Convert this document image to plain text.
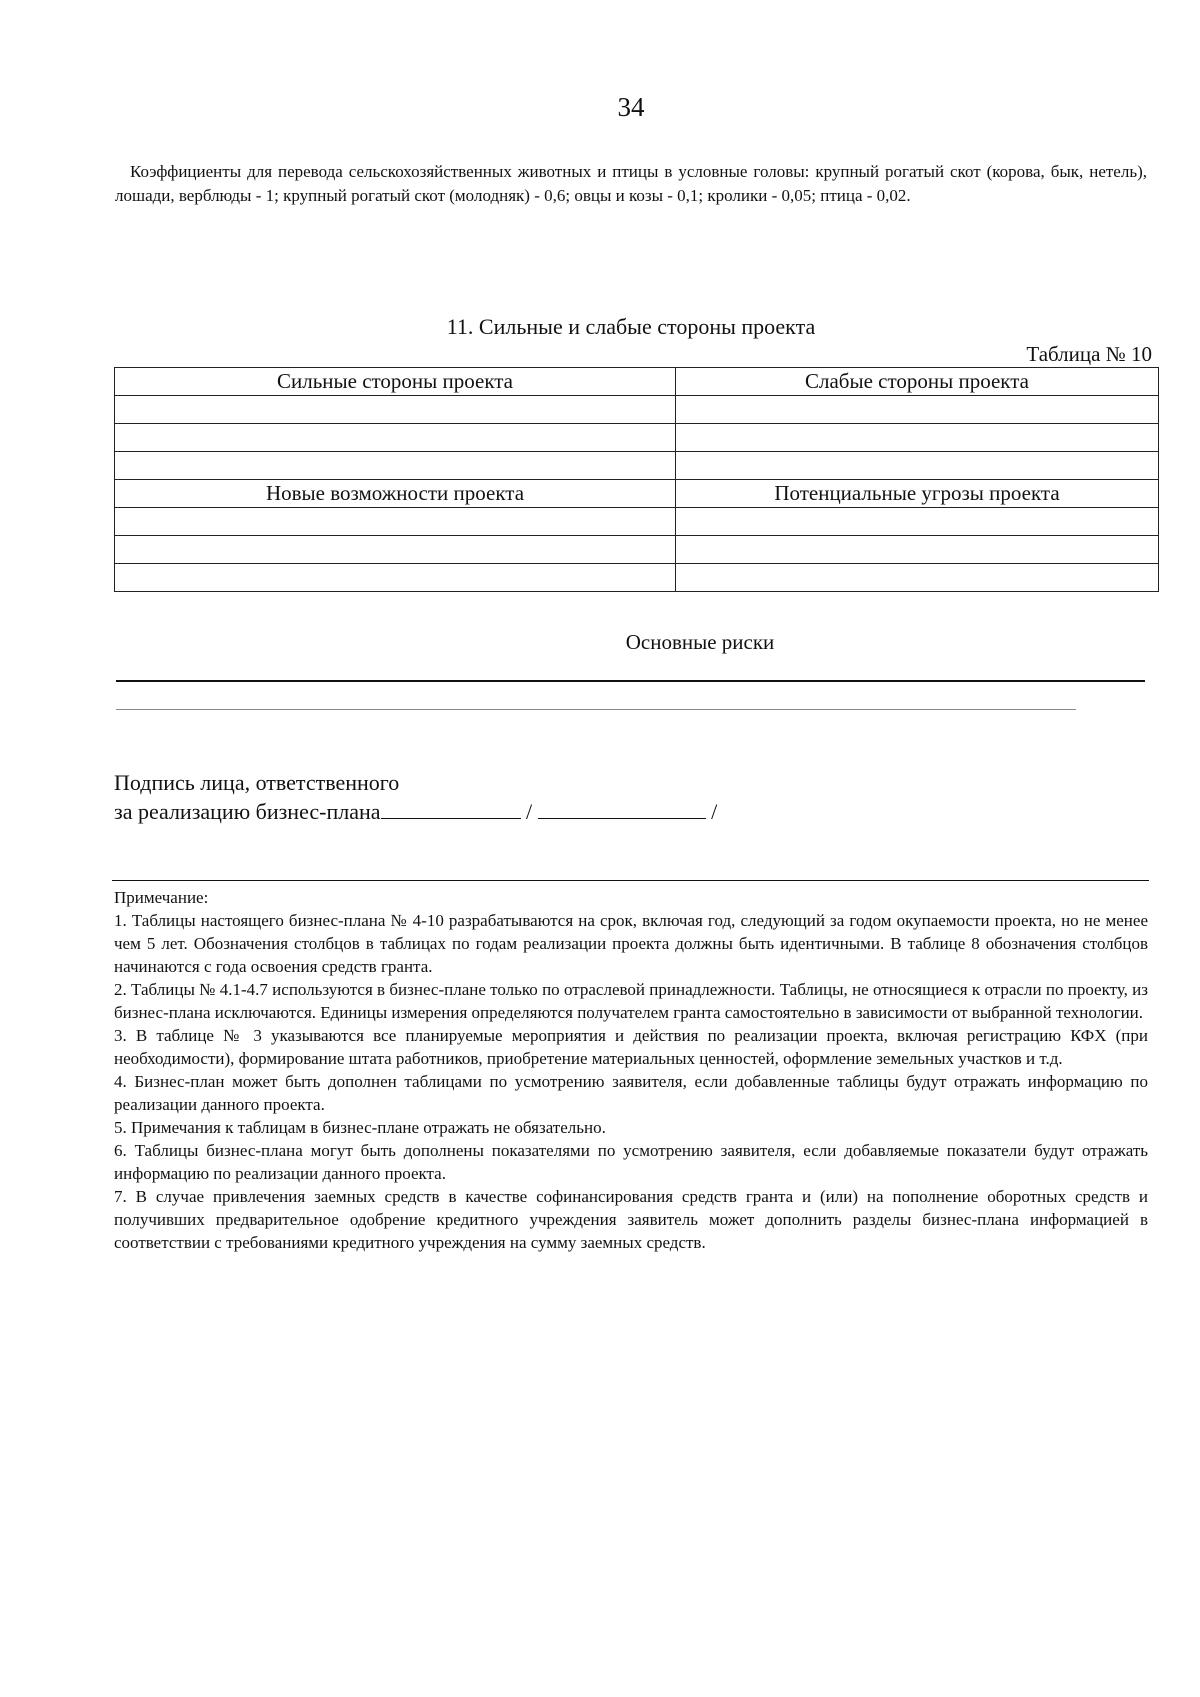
34
Коэффициенты для перевода сельскохозяйственных животных и птицы в условные головы: крупный рогатый скот (корова, бык, нетель), лошади, верблюды - 1; крупный рогатый скот (молодняк) - 0,6; овцы и козы - 0,1; кролики - 0,05; птица - 0,02.
11. Сильные и слабые стороны проекта
Таблица № 10
Сильные стороны проекта	Слабые стороны проекта

Новые возможности проекта	Потенциальные угрозы проекта

Основные риски
Подпись лица, ответственного
за реализацию бизнес-плана	/	/

Примечание:

1. Таблицы настоящего бизнес-плана № 4-10 разрабатываются на срок, включая год, следующий за годом окупаемости проекта, но не менее чем 5 лет. Обозначения столбцов в таблицах по годам реализации проекта должны быть идентичными. В таблице 8 обозначения столбцов начинаются с года освоения средств гранта.

2. Таблицы № 4.1-4.7 используются в бизнес-плане только по отраслевой принадлежности. Таблицы, не относящиеся к отрасли по проекту, из бизнес-плана исключаются. Единицы измерения определяются получателем гранта самостоятельно в зависимости от выбранной технологии.

3. В таблице № 3 указываются все планируемые мероприятия и действия по реализации проекта, включая регистрацию КФХ (при необходимости), формирование штата работников, приобретение материальных ценностей, оформление земельных участков и т.д.

4. Бизнес-план может быть дополнен таблицами по усмотрению заявителя, если добавленные таблицы будут отражать информацию по реализации данного проекта.

5. Примечания к таблицам в бизнес-плане отражать не обязательно.

6. Таблицы бизнес-плана могут быть дополнены показателями по усмотрению заявителя, если добавляемые показатели будут отражать информацию по реализации данного проекта.

7. В случае привлечения заемных средств в качестве софинансирования средств гранта и (или) на пополнение оборотных средств и получивших предварительное одобрение кредитного учреждения заявитель может дополнить разделы бизнес-плана информацией в соответствии с требованиями кредитного учреждения на сумму заемных средств.
